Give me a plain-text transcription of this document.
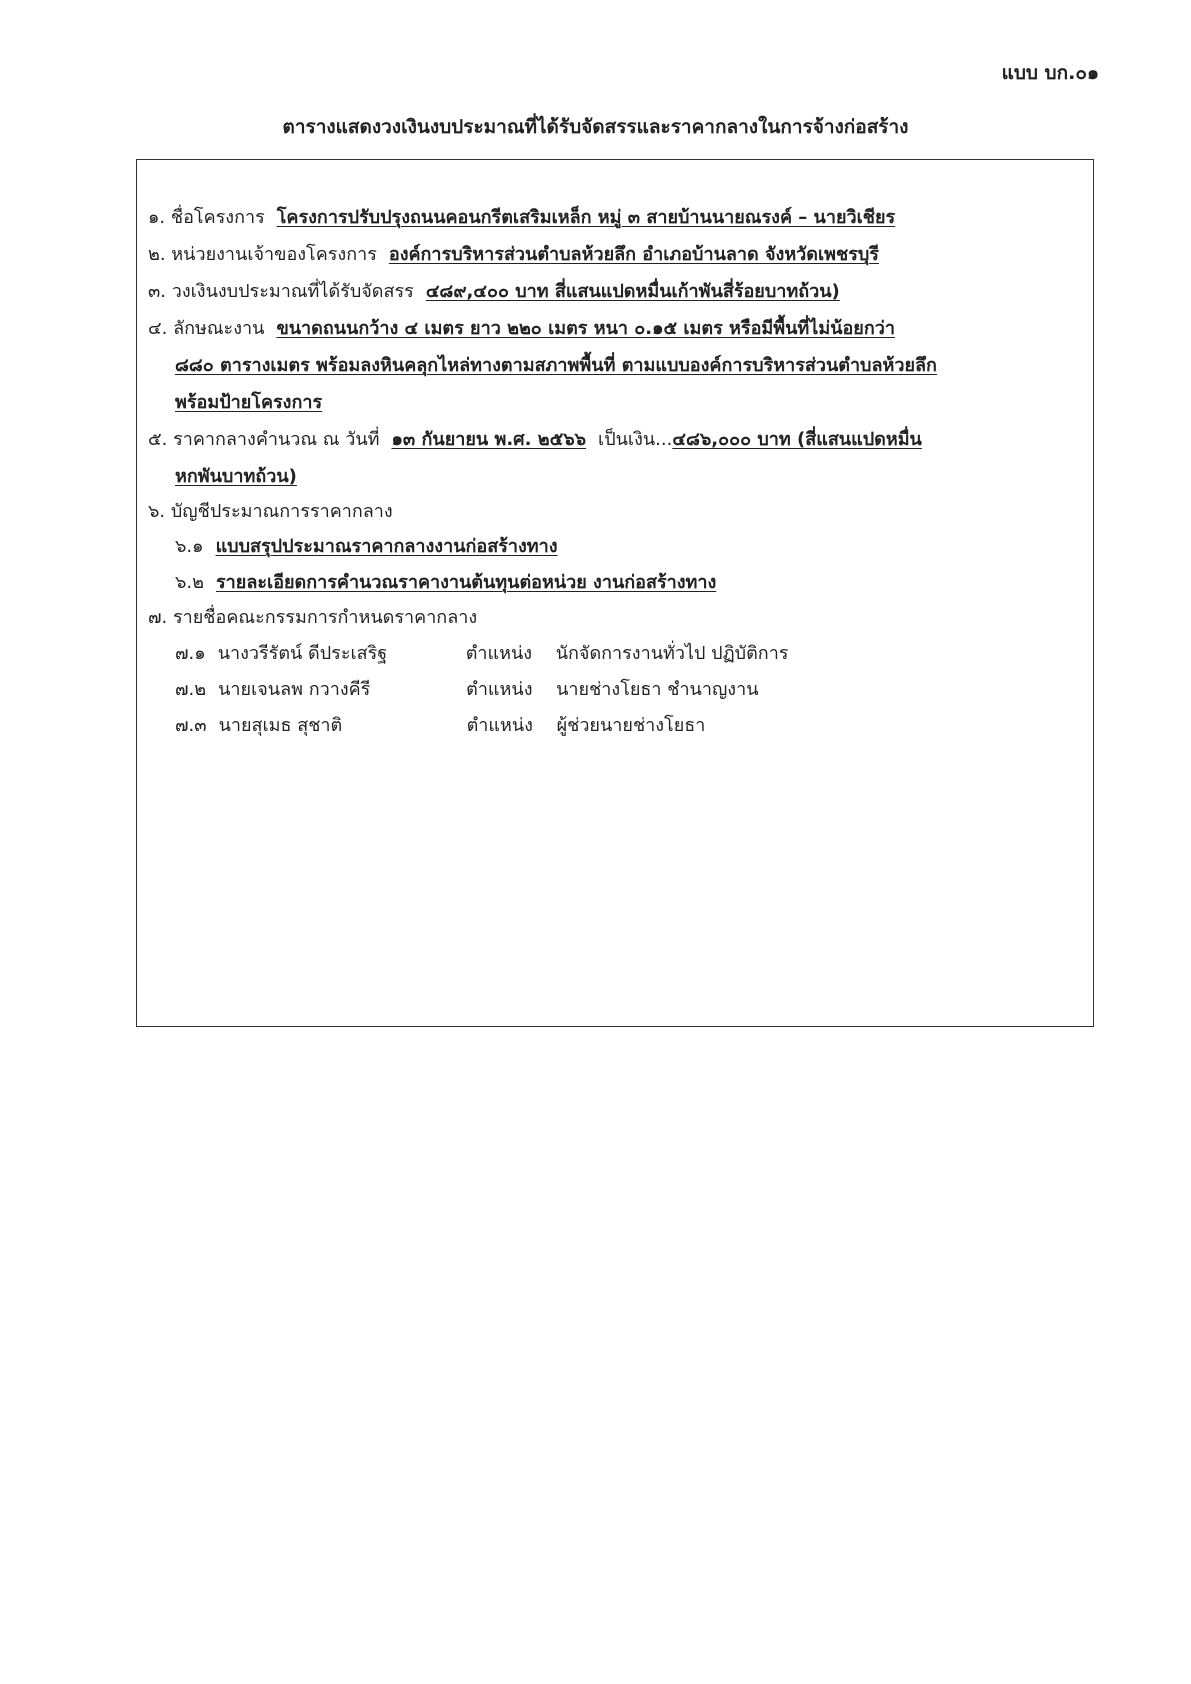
แบบ บก.๐๑
ตารางแสดงวงเงินงบประมาณที่ได้รับจัดสรรและราคากลางในการจ้างก่อสร้าง
๑. ชื่อโครงการ โครงการปรับปรุงถนนคอนกรีตเสริมเหล็ก หมู่ ๓ สายบ้านนายณรงค์ – นายวิเชียร
๒. หน่วยงานเจ้าของโครงการ องค์การบริหารส่วนตำบลห้วยลึก อำเภอบ้านลาด จังหวัดเพชรบุรี
๓. วงเงินงบประมาณที่ได้รับจัดสรร ๔๘๙,๔๐๐ บาท สี่แสนแปดหมื่นเก้าพันสี่ร้อยบาทถ้วน)
๔. ลักษณะงาน ขนาดถนนกว้าง ๔ เมตร ยาว ๒๒๐ เมตร หนา ๐.๑๕ เมตร หรือมีพื้นที่ไม่น้อยกว่า
๘๘๐ ตารางเมตร พร้อมลงหินคลุกไหล่ทางตามสภาพพื้นที่ ตามแบบองค์การบริหารส่วนตำบลห้วยลึก
พร้อมป้ายโครงการ
๕. ราคากลางคำนวณ ณ วันที่ ๑๓ กันยายน พ.ศ. ๒๕๖๖ เป็นเงิน... ๔๘๖,๐๐๐ บาท (สี่แสนแปดหมื่น
หกพันบาทถ้วน)
๖. บัญชีประมาณการราคากลาง
๖.๑ แบบสรุปประมาณราคากลางงานก่อสร้างทาง
๖.๒ รายละเอียดการคำนวณราคางานต้นทุนต่อหน่วย งานก่อสร้างทาง
๗. รายชื่อคณะกรรมการกำหนดราคากลาง
๗.๑ นางวรีรัตน์ ดีประเสริฐ	ตำแหน่ง	นักจัดการงานทั่วไป ปฏิบัติการ
๗.๒ นายเจนลพ กวางคีรี	ตำแหน่ง	นายช่างโยธา ชำนาญงาน
๗.๓ นายสุเมธ สุชาติ	ตำแหน่ง	ผู้ช่วยนายช่างโยธา
